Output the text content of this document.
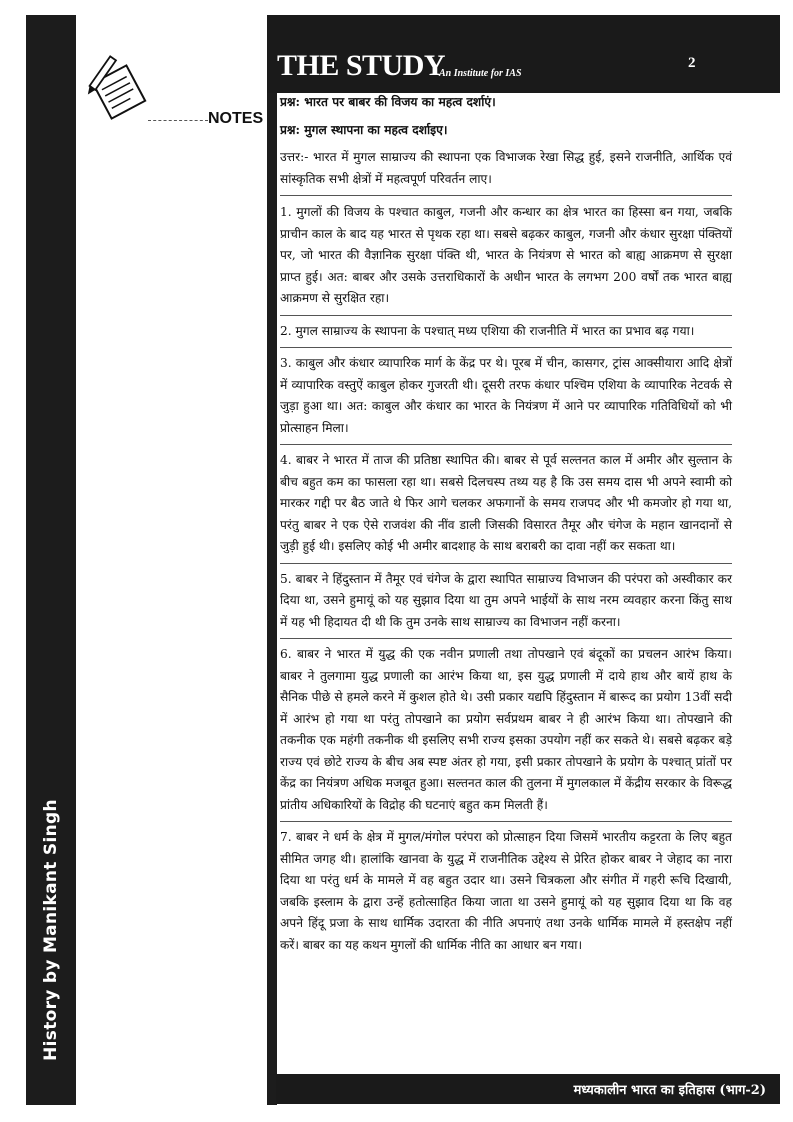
History by Manikant Singh
NOTES
THE STUDY
An Institute for IAS
2
प्रश्न: भारत पर बाबर की विजय का महत्व दर्शाएं।
प्रश्न: मुगल स्थापना का महत्व दर्शाइए।
उत्तर:- भारत में मुगल साम्राज्य की स्थापना एक विभाजक रेखा सिद्ध हुई, इसने राजनीति, आर्थिक एवं सांस्कृतिक सभी क्षेत्रों में महत्वपूर्ण परिवर्तन लाए।
1. मुगलों की विजय के पश्चात काबुल, गजनी और कन्धार का क्षेत्र भारत का हिस्सा बन गया, जबकि प्राचीन काल के बाद यह भारत से पृथक रहा था। सबसे बढ़कर काबुल, गजनी और कंधार सुरक्षा पंक्तियों पर, जो भारत की वैज्ञानिक सुरक्षा पंक्ति थी, भारत के नियंत्रण से भारत को बाह्य आक्रमण से सुरक्षा प्राप्त हुई। अत: बाबर और उसके उत्तराधिकारों के अधीन भारत के लगभग 200 वर्षों तक भारत बाह्य आक्रमण से सुरक्षित रहा।
2. मुगल साम्राज्य के स्थापना के पश्चात् मध्य एशिया की राजनीति में भारत का प्रभाव बढ़ गया।
3. काबुल और कंधार व्यापारिक मार्ग के केंद्र पर थे। पूरब में चीन, कासगर, ट्रांस आक्सीयारा आदि क्षेत्रों में व्यापारिक वस्तुऐं काबुल होकर गुजरती थी। दूसरी तरफ कंधार पश्चिम एशिया के व्यापारिक नेटवर्क से जुड़ा हुआ था। अत: काबुल और कंधार का भारत के नियंत्रण में आने पर व्यापारिक गतिविधियों को भी प्रोत्साहन मिला।
4. बाबर ने भारत में ताज की प्रतिष्ठा स्थापित की। बाबर से पूर्व सल्तनत काल में अमीर और सुल्तान के बीच बहुत कम का फासला रहा था। सबसे दिलचस्प तथ्य यह है कि उस समय दास भी अपने स्वामी को मारकर गद्दी पर बैठ जाते थे फिर आगे चलकर अफगानों के समय राजपद और भी कमजोर हो गया था, परंतु बाबर ने एक ऐसे राजवंश की नींव डाली जिसकी विसारत तैमूर और चंगेज के महान खानदानों से जुड़ी हुई थी। इसलिए कोई भी अमीर बादशाह के साथ बराबरी का दावा नहीं कर सकता था।
5. बाबर ने हिंदुस्तान में तैमूर एवं चंगेज के द्वारा स्थापित साम्राज्य विभाजन की परंपरा को अस्वीकार कर दिया था, उसने हुमायूं को यह सुझाव दिया था तुम अपने भाईयों के साथ नरम व्यवहार करना किंतु साथ में यह भी हिदायत दी थी कि तुम उनके साथ साम्राज्य का विभाजन नहीं करना।
6. बाबर ने भारत में युद्ध की एक नवीन प्रणाली तथा तोपखाने एवं बंदूकों का प्रचलन आरंभ किया। बाबर ने तुलगामा युद्ध प्रणाली का आरंभ किया था, इस युद्ध प्रणाली में दाये हाथ और बायें हाथ के सैनिक पीछे से हमले करने में कुशल होते थे। उसी प्रकार यद्यपि हिंदुस्तान में बारूद का प्रयोग 13वीं सदी में आरंभ हो गया था परंतु तोपखाने का प्रयोग सर्वप्रथम बाबर ने ही आरंभ किया था। तोपखाने की तकनीक एक महंगी तकनीक थी इसलिए सभी राज्य इसका उपयोग नहीं कर सकते थे। सबसे बढ़कर बड़े राज्य एवं छोटे राज्य के बीच अब स्पष्ट अंतर हो गया, इसी प्रकार तोपखाने के प्रयोग के पश्चात् प्रांतों पर केंद्र का नियंत्रण अधिक मजबूत हुआ। सल्तनत काल की तुलना में मुगलकाल में केंद्रीय सरकार के विरूद्ध प्रांतीय अधिकारियों के विद्रोह की घटनाएं बहुत कम मिलती हैं।
7. बाबर ने धर्म के क्षेत्र में मुगल/मंगोल परंपरा को प्रोत्साहन दिया जिसमें भारतीय कट्टरता के लिए बहुत सीमित जगह थी। हालांकि खानवा के युद्ध में राजनीतिक उद्देश्य से प्रेरित होकर बाबर ने जेहाद का नारा दिया था परंतु धर्म के मामले में वह बहुत उदार था। उसने चित्रकला और संगीत में गहरी रूचि दिखायी, जबकि इस्लाम के द्वारा उन्हें हतोत्साहित किया जाता था उसने हुमायूं को यह सुझाव दिया था कि वह अपने हिंदू प्रजा के साथ धार्मिक उदारता की नीति अपनाएं तथा उनके धार्मिक मामले में हस्तक्षेप नहीं करें। बाबर का यह कथन मुगलों की धार्मिक नीति का आधार बन गया।
मध्यकालीन भारत का इतिहास (भाग-2)
